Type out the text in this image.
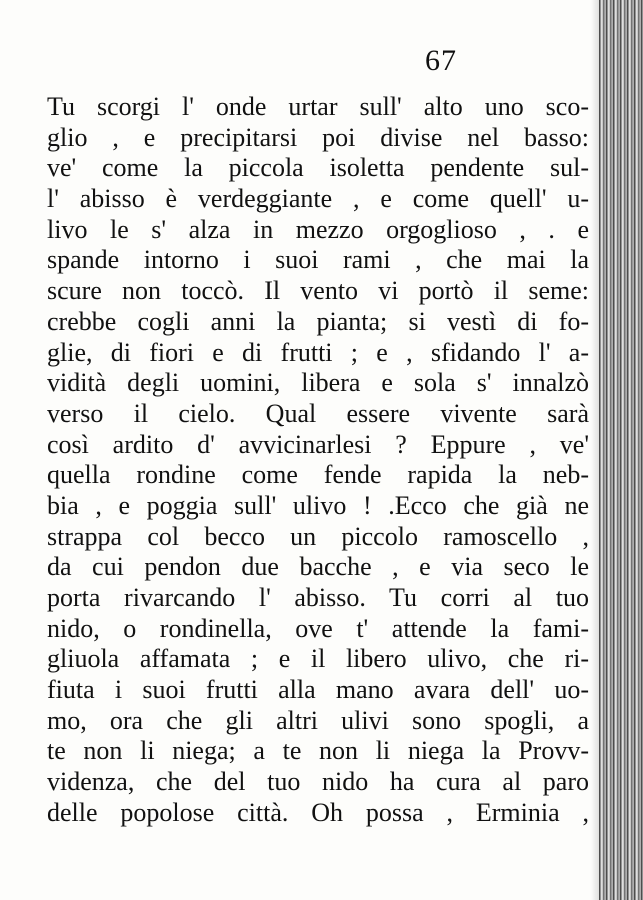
67
Tu scorgi l' onde urtar sull' alto uno sco-
glio , e precipitarsi poi divise nel basso:
ve' come la piccola isoletta pendente sul-
l' abisso è verdeggiante , e come quell' u-
livo le s' alza in mezzo orgoglioso , . e
spande intorno i suoi rami , che mai la
scure non toccò. Il vento vi portò il seme:
crebbe cogli anni la pianta; si vestì di fo-
glie, di fiori e di frutti ; e , sfidando l' a-
vidità degli uomini, libera e sola s' innalzò
verso il cielo. Qual essere vivente sarà
così ardito d' avvicinarlesi ? Eppure , ve'
quella rondine come fende rapida la neb-
bia , e poggia sull' ulivo ! .Ecco che già ne
strappa col becco un piccolo ramoscello ,
da cui pendon due bacche , e via seco le
porta rivarcando l' abisso. Tu corri al tuo
nido, o rondinella, ove t' attende la fami-
gliuola affamata ; e il libero ulivo, che ri-
fiuta i suoi frutti alla mano avara dell' uo-
mo, ora che gli altri ulivi sono spogli, a
te non li niega; a te non li niega la Provv-
videnza, che del tuo nido ha cura al paro
delle popolose città. Oh possa , Erminia ,
